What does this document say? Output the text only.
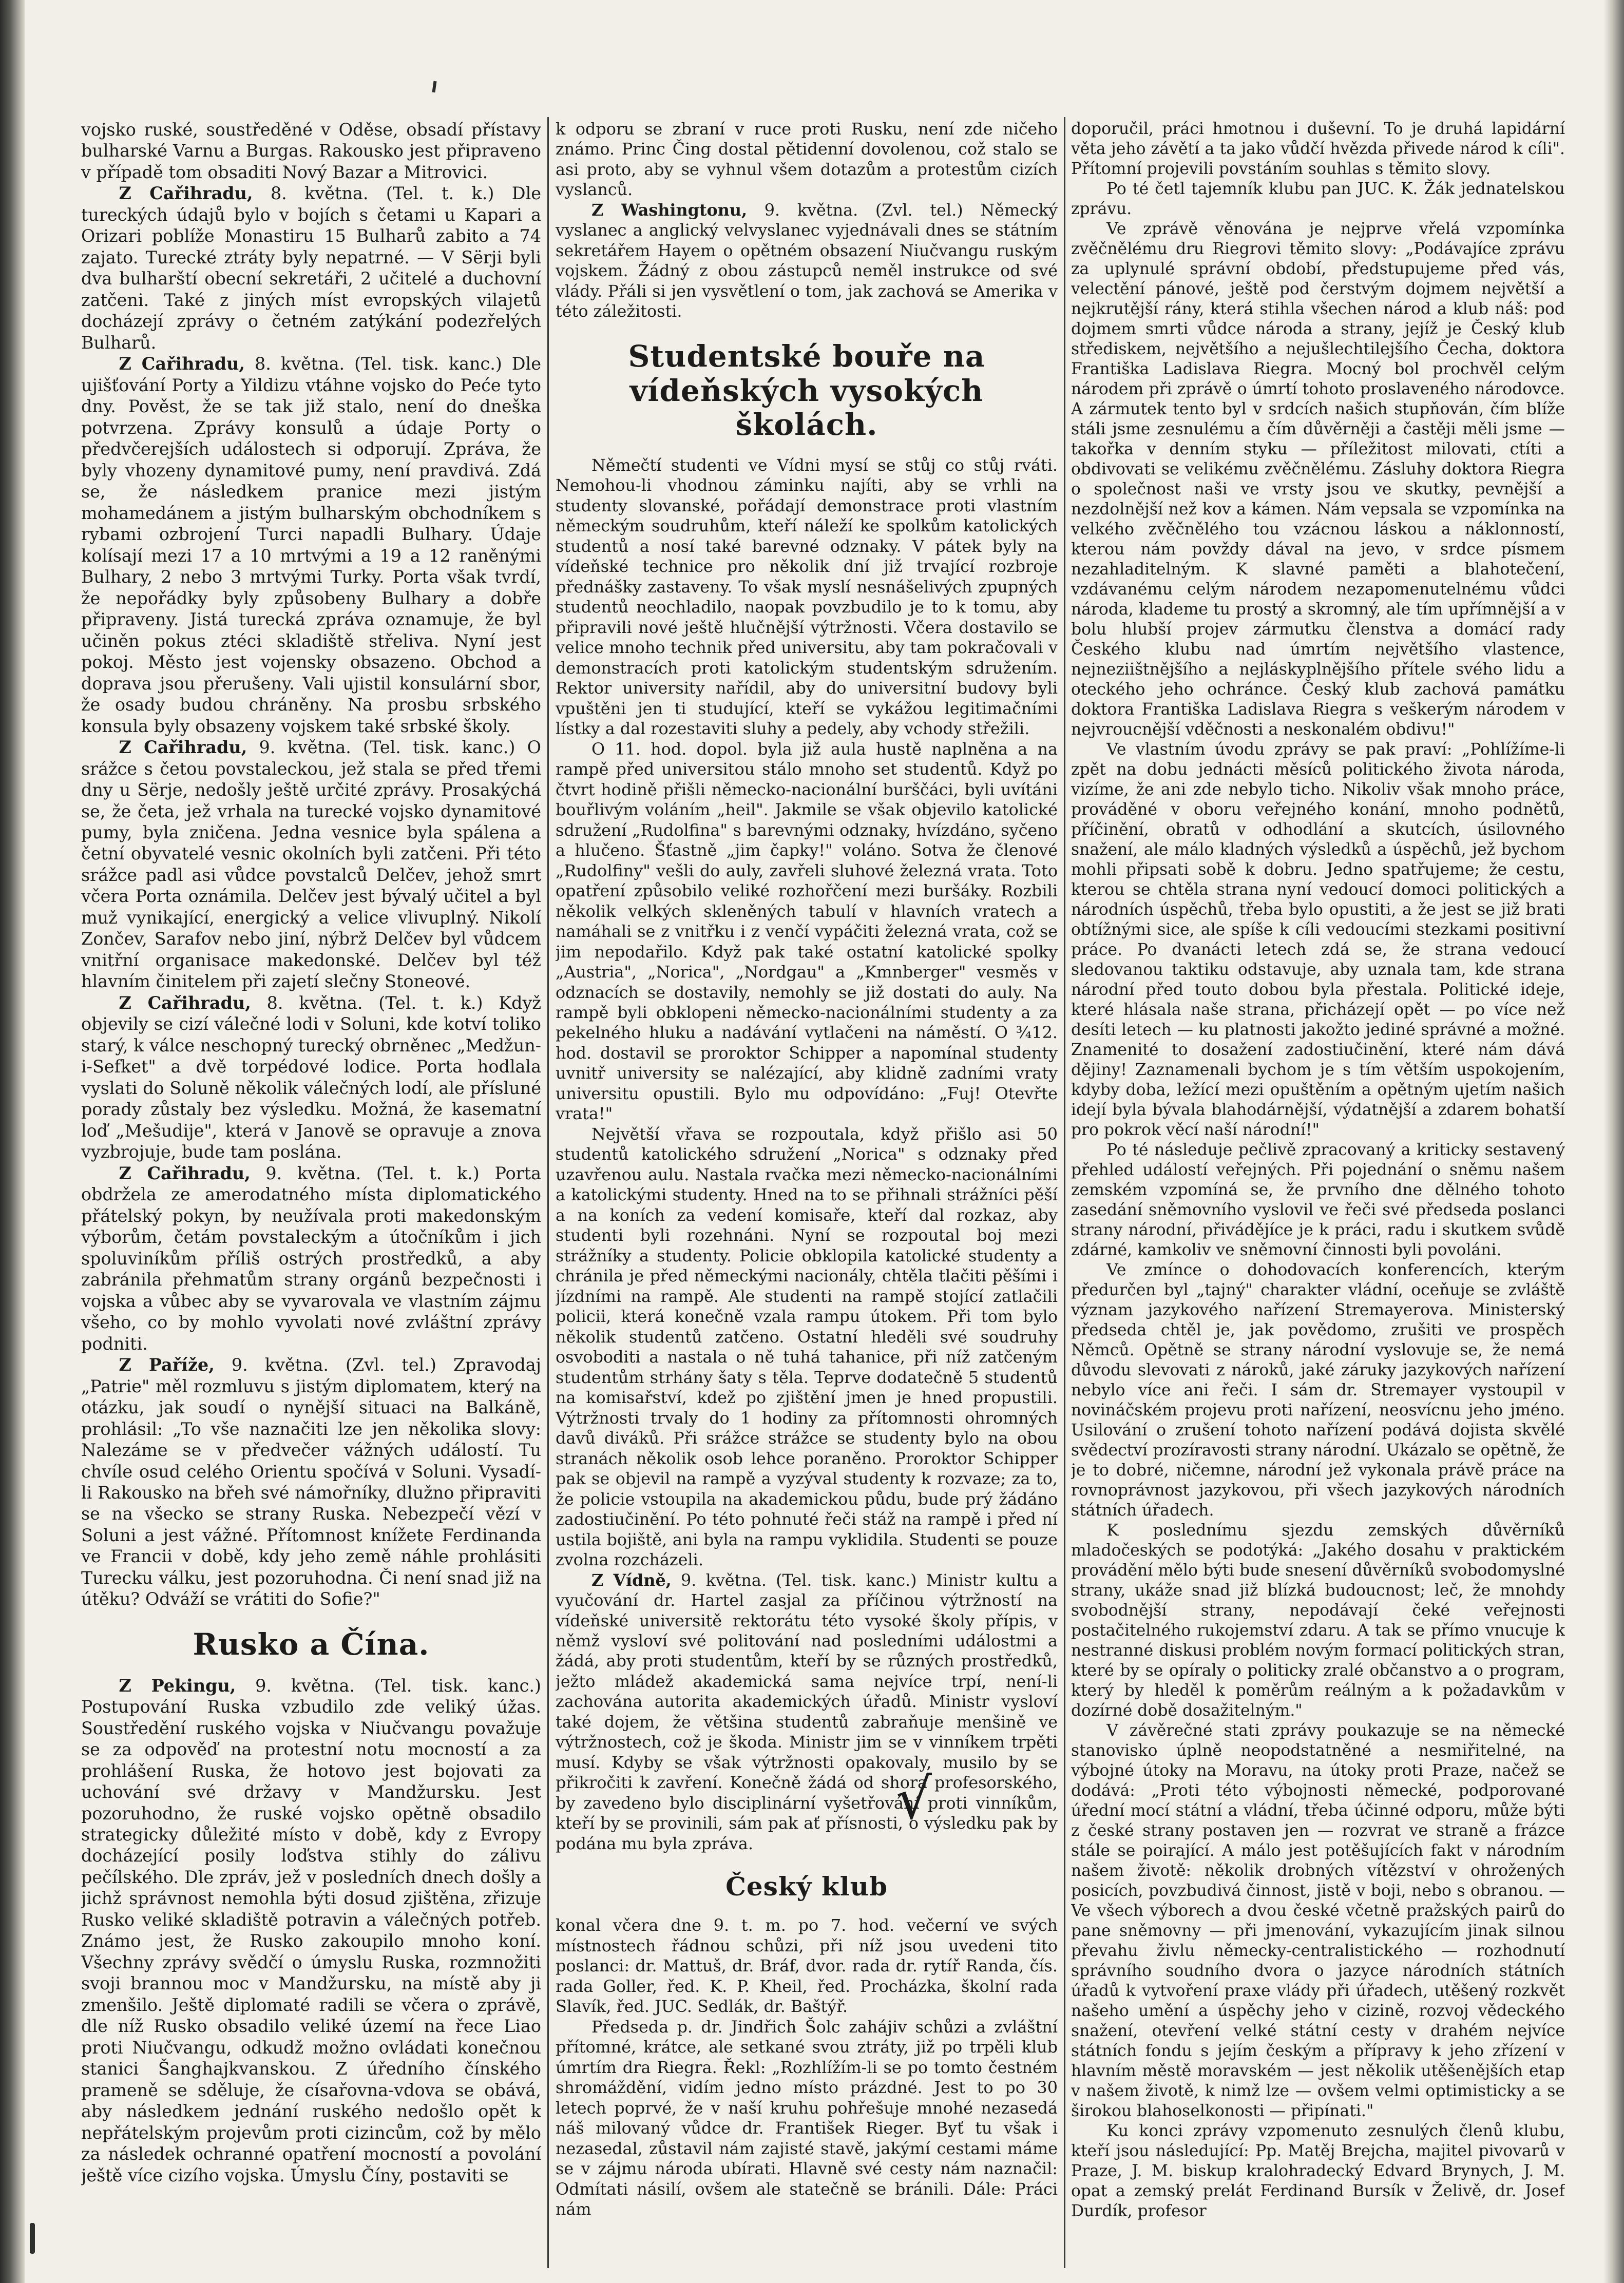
vojsko ruské, soustředěné v Oděse, obsadí přístavy bulharské Varnu a Burgas. Rakousko jest připraveno v případě tom obsaditi Nový Bazar a Mitrovici.

Z Cařihradu, 8. května. (Tel. t. k.) Dle tureckých údajů bylo v bojích s četami u Kapari a Orizari poblíže Monastiru 15 Bulharů zabito a 74 zajato. Turecké ztráty byly nepatrné. — V Sërji byli dva bulharští obecní sekretáři, 2 učitelé a duchovní zatčeni. Také z jiných míst evropských vilajetů docházejí zprávy o četném zatýkání podezřelých Bulharů.

Z Cařihradu, 8. května. (Tel. tisk. kanc.) Dle ujišťování Porty a Yildizu vtáhne vojsko do Peće tyto dny. Pověst, že se tak již stalo, není do dneška potvrzena. Zprávy konsulů a údaje Porty o předvčerejších událostech si odporují. Zpráva, že byly vhozeny dynamitové pumy, není pravdivá. Zdá se, že následkem pranice mezi jistým mohamedánem a jistým bulharským obchodníkem s rybami ozbrojení Turci napadli Bulhary. Údaje kolísají mezi 17 a 10 mrtvými a 19 a 12 raněnými Bulhary, 2 nebo 3 mrtvými Turky. Porta však tvrdí, že nepořádky byly způsobeny Bulhary a dobře připraveny. Jistá turecká zpráva oznamuje, že byl učiněn pokus ztéci skladiště střeliva. Nyní jest pokoj. Město jest vojensky obsazeno. Obchod a doprava jsou přerušeny. Vali ujistil konsulární sbor, že osady budou chráněny. Na prosbu srbského konsula byly obsazeny vojskem také srbské školy.

Z Cařihradu, 9. května. (Tel. tisk. kanc.) O srážce s četou povstaleckou, jež stala se před třemi dny u Sërje, nedošly ještě určité zprávy. Prosakýchá se, že četa, jež vrhala na turecké vojsko dynamitové pumy, byla zničena. Jedna vesnice byla spálena a četní obyvatelé vesnic okolních byli zatčeni. Při této srážce padl asi vůdce povstalců Delčev, jehož smrt včera Porta oznámila. Delčev jest bývalý učitel a byl muž vynikající, energický a velice vlivuplný. Nikolí Zončev, Sarafov nebo jiní, nýbrž Delčev byl vůdcem vnitřní organisace makedonské. Delčev byl též hlavním činitelem při zajetí slečny Stoneové.

Z Cařihradu, 8. května. (Tel. t. k.) Když objevily se cizí válečné lodi v Soluni, kde kotví toliko starý, k válce neschopný turecký obrněnec „Medžun-i-Sefket" a dvě torpédové lodice. Porta hodlala vyslati do Soluně několik válečných lodí, ale přísluné porady zůstaly bez výsledku. Možná, že kasematní loď „Mešudije", která v Janově se opravuje a znova vyzbrojuje, bude tam poslána.

Z Cařihradu, 9. května. (Tel. t. k.) Porta obdržela ze amerodatného místa diplomatického přátelský pokyn, by neužívala proti makedonským výborům, četám povstaleckým a útočníkům i jich spoluviníkům příliš ostrých prostředků, a aby zabránila přehmatům strany orgánů bezpečnosti i vojska a vůbec aby se vyvarovala ve vlastním zájmu všeho, co by mohlo vyvolati nové zvláštní zprávy podniti.

Z Paříže, 9. května. (Zvl. tel.) Zpravodaj „Patrie" měl rozmluvu s jistým diplomatem, který na otázku, jak soudí o nynější situaci na Balkáně, prohlásil: „To vše naznačiti lze jen několika slovy: Nalezáme se v předvečer vážných událostí. Tu chvíle osud celého Orientu spočívá v Soluni. Vysadí-li Rakousko na břeh své námořníky, dlužno připraviti se na všecko se strany Ruska. Nebezpečí vězí v Soluni a jest vážné. Přítomnost knížete Ferdinanda ve Francii v době, kdy jeho země náhle prohlásiti Turecku válku, jest pozoruhodna. Či není snad již na útěku? Odváží se vrátiti do Sofie?"

Rusko a Čína.

Z Pekingu, 9. května. (Tel. tisk. kanc.) Postupování Ruska vzbudilo zde veliký úžas. Soustředění ruského vojska v Niučvangu považuje se za odpověď na protestní notu mocností a za prohlášení Ruska, že hotovo jest bojovati za uchování své državy v Mandžursku. Jest pozoruhodno, že ruské vojsko opětně obsadilo strategicky důležité místo v době, kdy z Evropy docházející posily loďstva stihly do zálivu pečílského. Dle zpráv, jež v posledních dnech došly a jichž správnost nemohla býti dosud zjištěna, zřizuje Rusko veliké skladiště potravin a válečných potřeb. Známo jest, že Rusko zakoupilo mnoho koní. Všechny zprávy svědčí o úmyslu Ruska, rozmnožiti svoji brannou moc v Mandžursku, na místě aby ji zmenšilo. Ještě diplomaté radili se včera o zprávě, dle níž Rusko obsadilo veliké území na řece Liao proti Niučvangu, odkudž možno ovládati konečnou stanici Šanghajkvanskou. Z úředního čínského prameně se sděluje, že císařovna-vdova se obává, aby následkem jednání ruského nedošlo opět k nepřátelským projevům proti cizincům, což by mělo za následek ochranné opatření mocností a povolání ještě více cizího vojska. Úmyslu Číny, postaviti se

k odporu se zbraní v ruce proti Rusku, není zde ničeho známo. Princ Čing dostal pětidenní dovolenou, což stalo se asi proto, aby se vyhnul všem dotazům a protestům cizích vyslanců.

Z Washingtonu, 9. května. (Zvl. tel.) Německý vyslanec a anglický velvyslanec vyjednávali dnes se státním sekretářem Hayem o opětném obsazení Niučvangu ruským vojskem. Žádný z obou zástupců neměl instrukce od své vlády. Přáli si jen vysvětlení o tom, jak zachová se Amerika v této záležitosti.

Studentské bouře na vídeňských vysokých školách.

Němečtí studenti ve Vídni mysí se stůj co stůj rváti. Nemohou-li vhodnou záminku najíti, aby se vrhli na studenty slovanské, pořádají demonstrace proti vlastním německým soudruhům, kteří náleží ke spolkům katolických studentů a nosí také barevné odznaky. V pátek byly na vídeňské technice pro několik dní již trvající rozbroje přednášky zastaveny. To však myslí nesnášelivých zpupných studentů neochladilo, naopak povzbudilo je to k tomu, aby připravili nové ještě hlučnější výtržnosti. Včera dostavilo se velice mnoho technik před universitu, aby tam pokračovali v demonstracích proti katolickým studentským sdružením. Rektor university nařídil, aby do universitní budovy byli vpuštěni jen ti studující, kteří se vykážou legitimačními lístky a dal rozestaviti sluhy a pedely, aby vchody střežili.

O 11. hod. dopol. byla již aula hustě naplněna a na rampě před universitou stálo mnoho set studentů. Když po čtvrt hodině přišli německo-nacionální burščáci, byli uvítáni bouřlivým voláním „heil". Jakmile se však objevilo katolické sdružení „Rudolfina" s barevnými odznaky, hvízdáno, syčeno a hlučeno. Šťastně „jim čapky!" voláno. Sotva že členové „Rudolfiny" vešli do auly, zavřeli sluhové železná vrata. Toto opatření způsobilo veliké rozhořčení mezi buršáky. Rozbili několik velkých skleněných tabulí v hlavních vratech a namáhali se z vnitřku i z venčí vypáčiti železná vrata, což se jim nepodařilo. Když pak také ostatní katolické spolky „Austria", „Norica", „Nordgau" a „Kmnberger" vesměs v odznacích se dostavily, nemohly se již dostati do auly. Na rampě byli obklopeni německo-nacionálními studenty a za pekelného hluku a nadávání vytlačeni na náměstí. O ¾12. hod. dostavil se proroktor Schipper a napomínal studenty uvnitř university se nalézající, aby klidně zadními vraty universitu opustili. Bylo mu odpovídáno: „Fuj! Otevřte vrata!"

Největší vřava se rozpoutala, když přišlo asi 50 studentů katolického sdružení „Norica" s odznaky před uzavřenou aulu. Nastala rvačka mezi německo-nacionálními a katolickými studenty. Hned na to se přihnali strážníci pěší a na koních za vedení komisaře, kteří dal rozkaz, aby studenti byli rozehnáni. Nyní se rozpoutal boj mezi strážníky a studenty. Policie obklopila katolické studenty a chránila je před německými nacionály, chtěla tlačiti pěšími i jízdními na rampě. Ale studenti na rampě stojící zatlačili policii, která konečně vzala rampu útokem. Při tom bylo několik studentů zatčeno. Ostatní hleděli své soudruhy osvoboditi a nastala o ně tuhá tahanice, při níž zatčeným studentům strhány šaty s těla. Teprve dodatečně 5 studentů na komisařství, kdež po zjištění jmen je hned propustili. Výtržnosti trvaly do 1 hodiny za přítomnosti ohromných davů diváků. Při srážce strážce se studenty bylo na obou stranách několik osob lehce poraněno. Proroktor Schipper pak se objevil na rampě a vyzýval studenty k rozvaze; za to, že policie vstoupila na akademickou půdu, bude prý žádáno zadostiučinění. Po této pohnuté řeči stáž na rampě i před ní ustila bojiště, ani byla na rampu vyklidila. Studenti se pouze zvolna rozcházeli.

Z Vídně, 9. května. (Tel. tisk. kanc.) Ministr kultu a vyučování dr. Hartel zasjal za příčinou výtržností na vídeňské universitě rektorátu této vysoké školy přípis, v němž vysloví své politování nad posledními událostmi a žádá, aby proti studentům, kteří by se různých prostředků, ježto mládež akademická sama nejvíce trpí, není-li zachována autorita akademických úřadů. Ministr vysloví také dojem, že většina studentů zabraňuje menšině ve výtržnostech, což je škoda. Ministr jim se v vinníkem trpěti musí. Kdyby se však výtržnosti opakovaly, musilo by se přikročiti k zavření. Konečně žádá od shora profesorského, by zavedeno bylo disciplinární vyšetřování proti vinníkům, kteří by se provinili, sám pak ať přísnosti, o výsledku pak by podána mu byla zpráva.

Český klub

konal včera dne 9. t. m. po 7. hod. večerní ve svých místnostech řádnou schůzi, při níž jsou uvedeni tito poslanci: dr. Mattuš, dr. Bráf, dvor. rada dr. rytíř Randa, čís. rada Goller, řed. K. P. Kheil, řed. Procházka, školní rada Slavík, řed. JUC. Sedlák, dr. Baštýř.

Předseda p. dr. Jindřich Šolc zahájiv schůzi a zvláštní přítomné, krátce, ale setkané svou ztráty, již po trpěli klub úmrtím dra Riegra. Řekl: „Rozhlížím-li se po tomto čestném shromáždění, vidím jedno místo prázdné. Jest to po 30 letech poprvé, že v naší kruhu pohřešuje mnohé nezasedá náš milovaný vůdce dr. František Rieger. Byť tu však i nezasedal, zůstavil nám zajisté stavě, jakýmí cestami máme se v zájmu národa ubírati. Hlavně své cesty nám naznačil: Odmítati násilí, ovšem ale statečně se bránili. Dále: Práci nám

doporučil, práci hmotnou i duševní. To je druhá lapidární věta jeho závětí a ta jako vůdčí hvězda přivede národ k cíli". Přítomní projevili povstáním souhlas s těmito slovy.

Po té četl tajemník klubu pan JUC. K. Žák jednatelskou zprávu.

Ve zprávě věnována je nejprve vřelá vzpomínka zvěčnělému dru Riegrovi těmito slovy: „Podávajíce zprávu za uplynulé správní období, předstupujeme před vás, velectění pánové, ještě pod čerstvým dojmem největší a nejkrutější rány, která stihla všechen národ a klub náš: pod dojmem smrti vůdce národa a strany, jejíž je Český klub střediskem, největšího a nejušlechtilejšího Čecha, doktora Františka Ladislava Riegra. Mocný bol prochvěl celým národem při zprávě o úmrtí tohoto proslaveného národovce. A zármutek tento byl v srdcích našich stupňován, čím blíže stáli jsme zesnulému a čím důvěrněji a častěji měli jsme — takořka v denním styku — příležitost milovati, ctíti a obdivovati se velikému zvěčnělému. Zásluhy doktora Riegra o společnost naši ve vrsty jsou ve skutky, pevnější a nezdolnější než kov a kámen. Nám vepsala se vzpomínka na velkého zvěčnělého tou vzácnou láskou a náklonností, kterou nám povždy dával na jevo, v srdce písmem nezahladitelným. K slavné paměti a blahotečení, vzdávanému celým národem nezapomenutelnému vůdci národa, klademe tu prostý a skromný, ale tím upřímnější a v bolu hlubší projev zármutku členstva a domácí rady Českého klubu nad úmrtím největšího vlastence, nejneziištnějšího a nejláskyplnějšího přítele svého lidu a oteckého jeho ochránce. Český klub zachová památku doktora Františka Ladislava Riegra s veškerým národem v nejvroucnější vděčnosti a neskonalém obdivu!"

Ve vlastním úvodu zprávy se pak praví: „Pohlížíme-li zpět na dobu jednácti měsíců politického života národa, vizíme, že ani zde nebylo ticho. Nikoliv však mnoho práce, prováděné v oboru veřejného konání, mnoho podnětů, příčinění, obratů v odhodlání a skutcích, úsilovného snažení, ale málo kladných výsledků a úspěchů, jež bychom mohli připsati sobě k dobru. Jedno spatřujeme; že cestu, kterou se chtěla strana nyní vedoucí domoci politických a národních úspěchů, třeba bylo opustiti, a že jest se již brati obtížnými sice, ale spíše k cíli vedoucími stezkami positivní práce. Po dvanácti letech zdá se, že strana vedoucí sledovanou taktiku odstavuje, aby uznala tam, kde strana národní před touto dobou byla přestala. Politické ideje, které hlásala naše strana, přicházejí opět — po více než desíti letech — ku platnosti jakožto jediné správné a možné. Znamenité to dosažení zadostiučinění, které nám dává dějiny! Zaznamenali bychom je s tím větším uspokojením, kdyby doba, ležící mezi opuštěním a opětným ujetím našich idejí byla bývala blahodárnější, výdatnější a zdarem bohatší pro pokrok věcí naší národní!"

Po té následuje pečlivě zpracovaný a kriticky sestavený přehled událostí veřejných. Při pojednání o sněmu našem zemském vzpomíná se, že prvního dne dělného tohoto zasedání sněmovního vyslovil ve řeči své předseda poslanci strany národní, přivádějíce je k práci, radu i skutkem svůdě zdárné, kamkoliv ve sněmovní činnosti byli povoláni.

Ve zmínce o dohodovacích konferencích, kterým předurčen byl „tajný" charakter vládní, oceňuje se zvláště význam jazykového nařízení Stremayerova. Ministerský předseda chtěl je, jak povědomo, zrušiti ve prospěch Němců. Opětně se strany národní vyslovuje se, že nemá důvodu slevovati z nároků, jaké záruky jazykových nařízení nebylo více ani řeči. I sám dr. Stremayer vystoupil v novináčském projevu proti nařízení, neosvícnu jeho jméno. Usilování o zrušení tohoto nařízení podává dojista skvělé svědectví prozíravosti strany národní. Ukázalo se opětně, že je to dobré, ničemne, národní jež vykonala právě práce na rovnoprávnost jazykovou, při všech jazykových národních státních úřadech.

K poslednímu sjezdu zemských důvěrníků mladočeských se podotýká: „Jakého dosahu v praktickém provádění mělo býti bude snesení důvěrníků svobodomyslné strany, ukáže snad již blízká budoucnost; leč, že mnohdy svobodnější strany, nepodávají čeké veřejnosti postačitelného rukojemství zdaru. A tak se přímo vnucuje k nestranné diskusi problém novým formací politických stran, které by se opíraly o politicky zralé občanstvo a o program, který by hleděl k poměrům reálným a k požadavkům v dozírné době dosažitelným."

V závěrečné stati zprávy poukazuje se na německé stanovisko úplně neopodstatněné a nesmiřitelné, na výbojné útoky na Moravu, na útoky proti Praze, načež se dodává: „Proti této výbojnosti německé, podporované úřední mocí státní a vládní, třeba účinné odporu, může býti z české strany postaven jen — rozvrat ve straně a frázce stále se poirající. A málo jest potěšujících fakt v národním našem životě: několik drobných vítězství v ohrožených posicích, povzbudivá činnost, jistě v boji, nebo s obranou. — Ve všech výborech a dvou české včetně pražských pairů do pane sněmovny — při jmenování, vykazujícím jinak silnou převahu živlu německy-centralistického — rozhodnutí správního soudního dvora o jazyce národních státních úřadů k vytvoření praxe vlády při úřadech, utěšený rozkvět našeho umění a úspěchy jeho v cizině, rozvoj vědeckého snažení, otevření velké státní cesty v drahém nejvíce státních fondu s jejím českým a přípravy k jeho zřízení v hlavním městě moravském — jest několik utěšenějších etap v našem životě, k nimž lze — ovšem velmi optimisticky a se širokou blahoselkonosti — připínati."

Ku konci zprávy vzpomenuto zesnulých členů klubu, kteří jsou následující: Pp. Matěj Brejcha, majitel pivovarů v Praze, J. M. biskup kralohradecký Edvard Brynych, J. M. opat a zemský prelát Ferdinand Bursík v Želivě, dr. Josef Durdík, profesor

√
